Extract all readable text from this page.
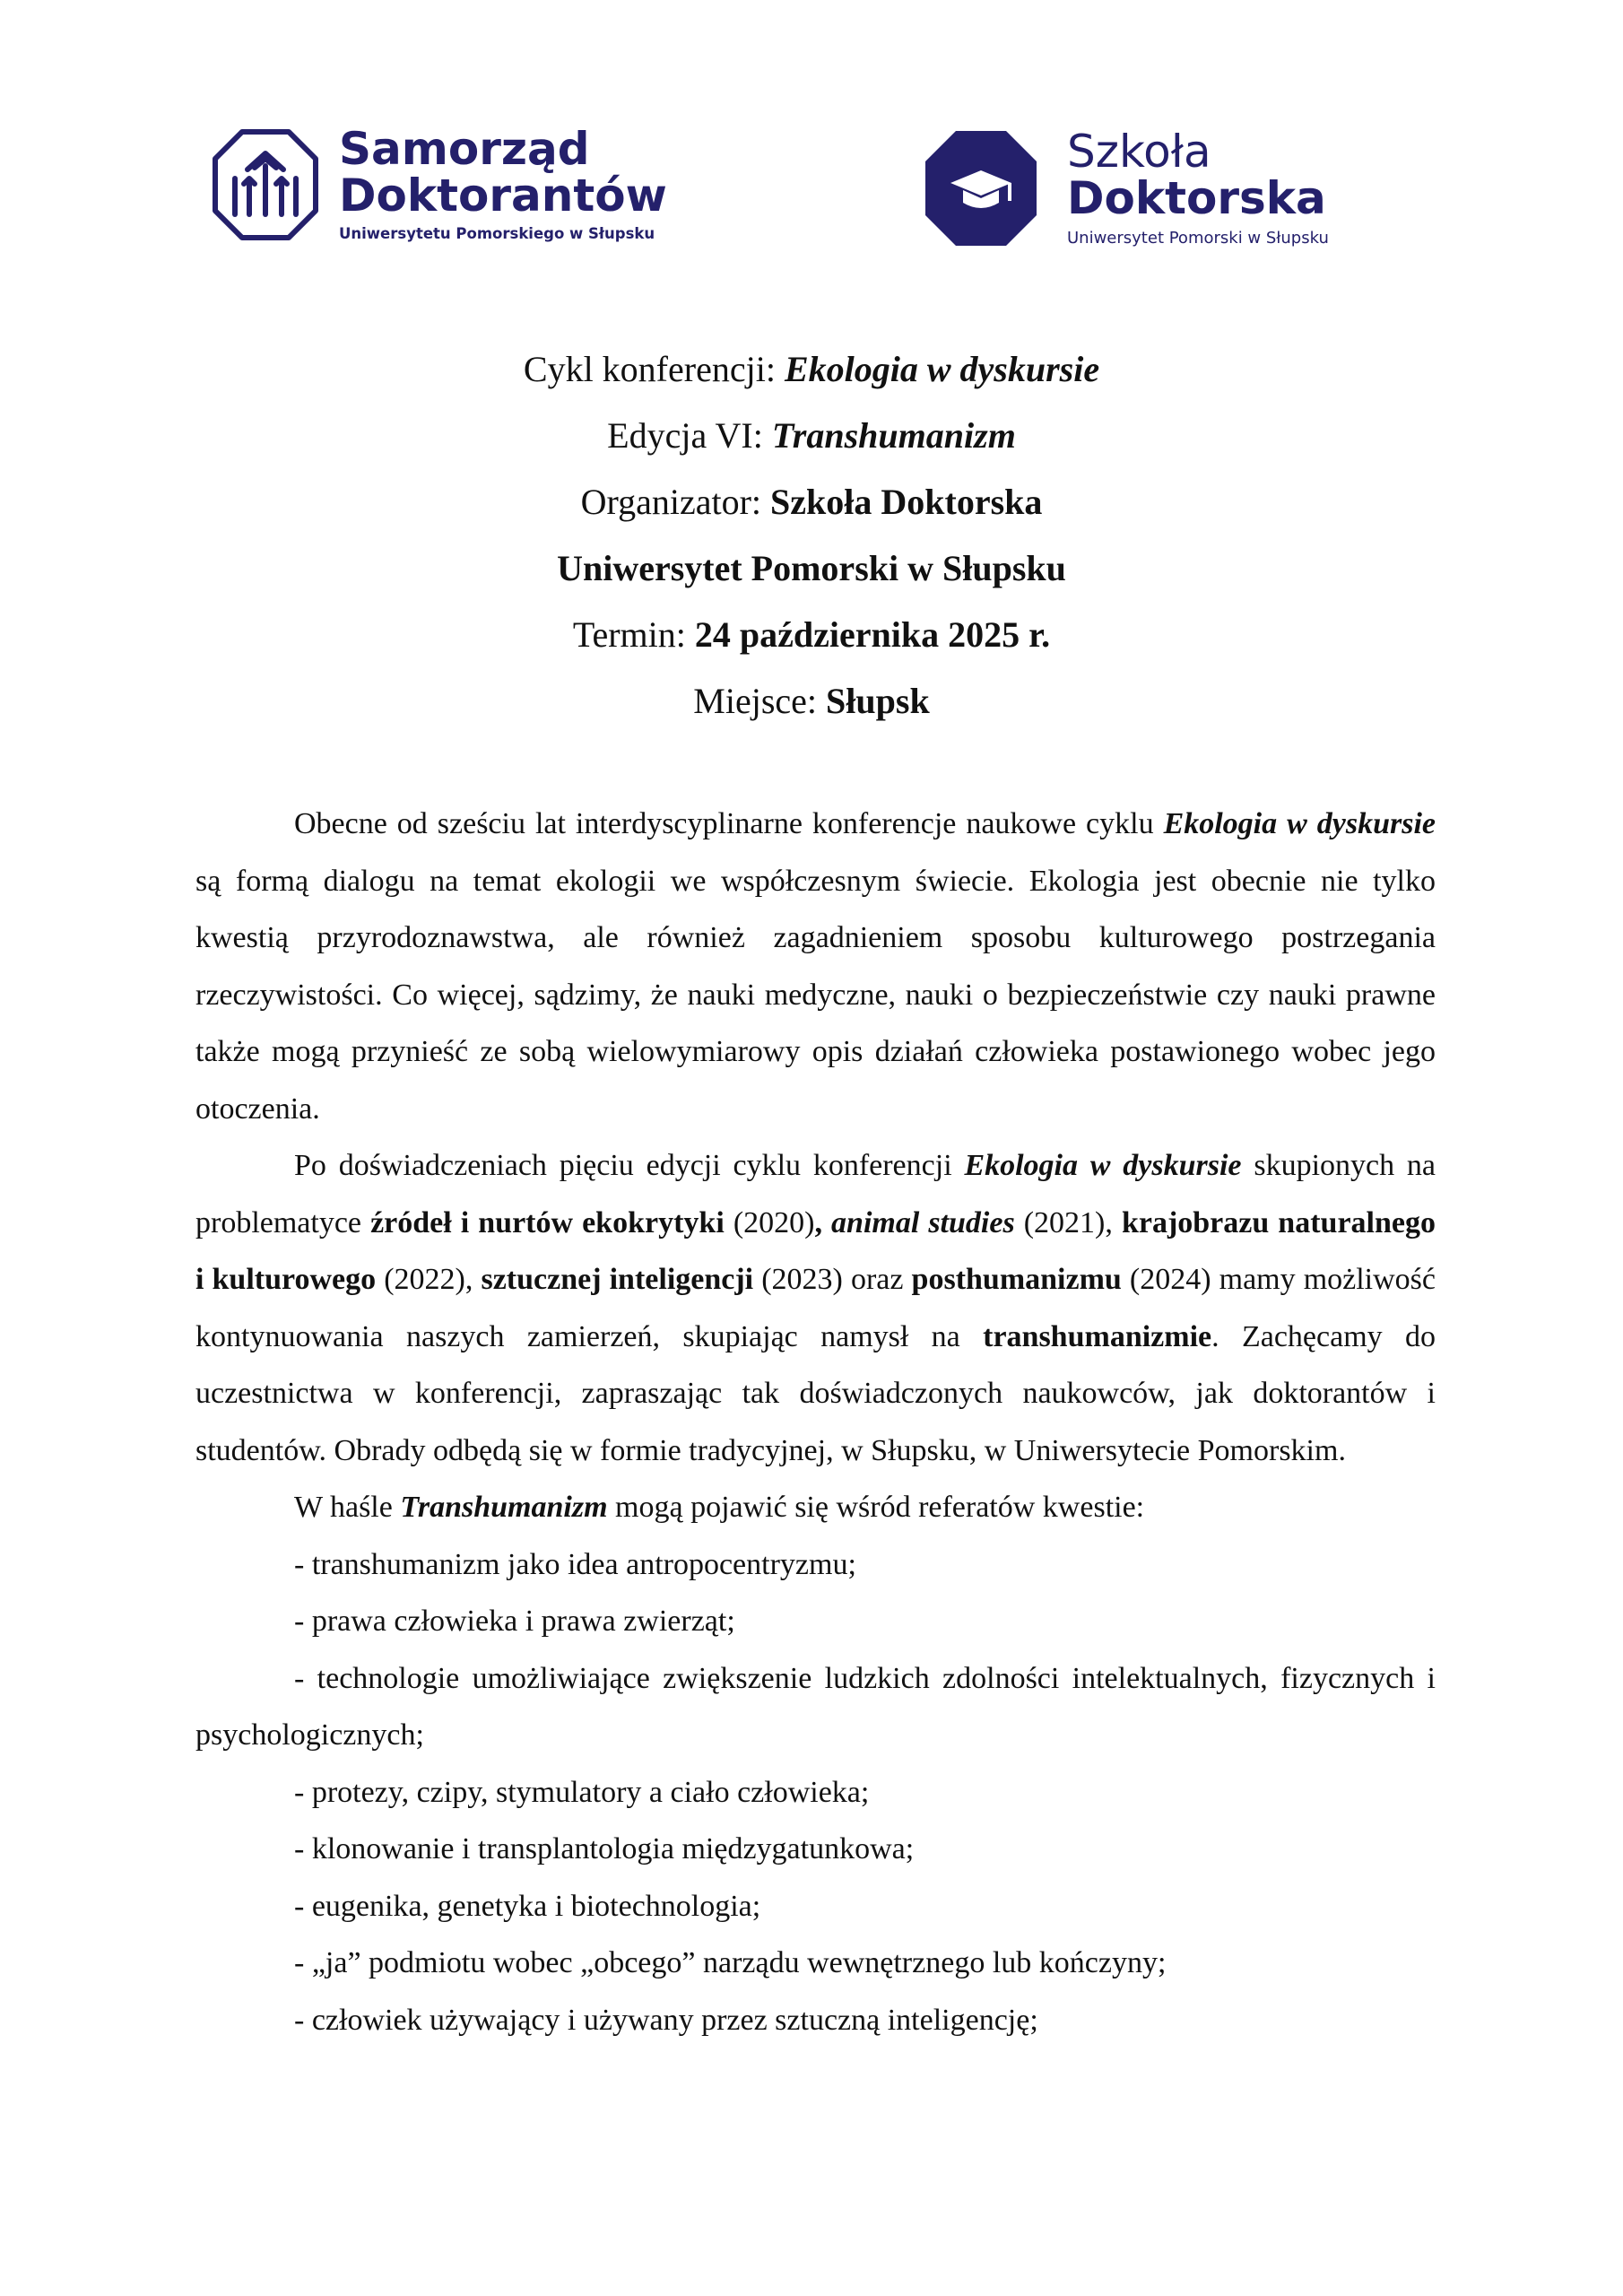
Samorząd
Doktorantów
Uniwersytetu Pomorskiego w Słupsku
Szkoła
Doktorska
Uniwersytet Pomorski w Słupsku
Cykl konferencji: Ekologia w dyskursie
Edycja VI: Transhumanizm
Organizator: Szkoła Doktorska
Uniwersytet Pomorski w Słupsku
Termin: 24 października 2025 r.
Miejsce: Słupsk

Obecne od sześciu lat interdyscyplinarne konferencje naukowe cyklu Ekologia w dyskursie są formą dialogu na temat ekologii we współczesnym świecie. Ekologia jest obecnie nie tylko kwestią przyrodoznawstwa, ale również zagadnieniem sposobu kulturowego postrzegania rzeczywistości. Co więcej, sądzimy, że nauki medyczne, nauki o bezpieczeństwie czy nauki prawne także mogą przynieść ze sobą wielowymiarowy opis działań człowieka postawionego wobec jego otoczenia.

Po doświadczeniach pięciu edycji cyklu konferencji Ekologia w dyskursie skupionych na problematyce źródeł i nurtów ekokrytyki (2020), animal studies (2021), krajobrazu naturalnego i kulturowego (2022), sztucznej inteligencji (2023) oraz posthumanizmu (2024) mamy możliwość kontynuowania naszych zamierzeń, skupiając namysł na transhumanizmie. Zachęcamy do uczestnictwa w konferencji, zapraszając tak doświadczonych naukowców, jak doktorantów i studentów. Obrady odbędą się w formie tradycyjnej, w Słupsku, w Uniwersytecie Pomorskim.

W haśle Transhumanizm mogą pojawić się wśród referatów kwestie:

- transhumanizm jako idea antropocentryzmu;

- prawa człowieka i prawa zwierząt;

- technologie umożliwiające zwiększenie ludzkich zdolności intelektualnych, fizycznych i psychologicznych;

- protezy, czipy, stymulatory a ciało człowieka;

- klonowanie i transplantologia międzygatunkowa;

- eugenika, genetyka i biotechnologia;

- „ja” podmiotu wobec „obcego” narządu wewnętrznego lub kończyny;

- człowiek używający i używany przez sztuczną inteligencję;
